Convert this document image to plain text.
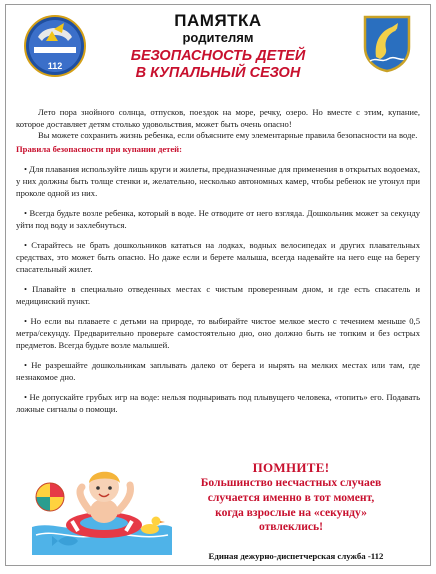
112
ПАМЯТКА
родителям
БЕЗОПАСНОСТЬ ДЕТЕЙ
В КУПАЛЬНЫЙ СЕЗОН

Лето пора знойного солнца, отпусков, поездок на море, речку, озеро. Но вместе с этим, купание, которое доставляет детям столько удовольствия, может быть очень опасно!

Вы можете сохранить жизнь ребенка, если объясните ему элементарные правила безопасности на воде.

Правила безопасности при купании детей:

• Для плавания используйте лишь круги и жилеты, предназначенные для применения в открытых водоемах, у них должны быть толще стенки и, желательно, несколько автономных камер, чтобы ребенок не утонул при проколе одной из них.

• Всегда будьте возле ребенка, который в воде. Не отводите от него взгляда. Дошкольник может за секунду уйти под воду и захлебнуться.

• Старайтесь не брать дошкольников кататься на лодках, водных велосипедах и других плавательных средствах, это может быть опасно. Но даже если и берете малыша, всегда надевайте на него еще на берегу спасательный жилет.

• Плавайте в специально отведенных местах с чистым проверенным дном, и где есть спасатель и медицинский пункт.

• Но если вы плаваете с детьми на природе, то выбирайте чистое мелкое место с течением меньше 0,5 метра/секунду. Предварительно проверьте самостоятельно дно, оно должно быть не топким и без острых предметов. Всегда будьте возле малышей.

• Не разрешайте дошкольникам заплывать далеко от берега и нырять на мелких местах или там, где незнакомое дно.

• Не допускайте грубых игр на воде: нельзя подныривать под плывущего человека, «топить» его. Подавать ложные сигналы о помощи.

ПОМНИТЕ!
Большинство несчастных случаев
случается именно в тот момент,
когда взрослые на «секунду»
отвлеклись!
Единая дежурно-диспетчерская служба -112
